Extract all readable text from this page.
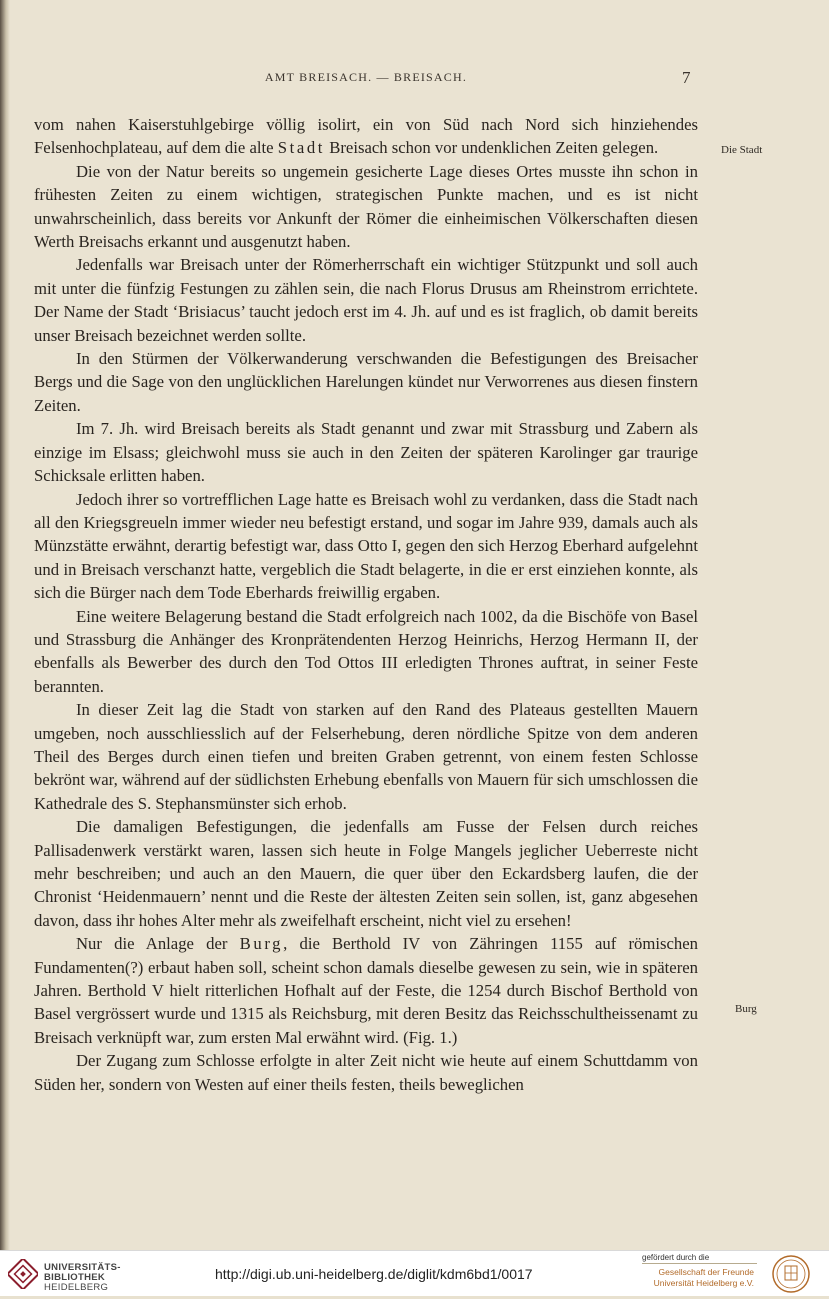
AMT BREISACH. — BREISACH.	7
Die Stadt
Burg

vom nahen Kaiserstuhlgebirge völlig isolirt, ein von Süd nach Nord sich hinziehendes Felsenhochplateau, auf dem die alte Stadt Breisach schon vor undenklichen Zeiten gelegen.

Die von der Natur bereits so ungemein gesicherte Lage dieses Ortes musste ihn schon in frühesten Zeiten zu einem wichtigen, strategischen Punkte machen, und es ist nicht unwahrscheinlich, dass bereits vor Ankunft der Römer die einheimischen Völkerschaften diesen Werth Breisachs erkannt und ausgenutzt haben.

Jedenfalls war Breisach unter der Römerherrschaft ein wichtiger Stützpunkt und soll auch mit unter die fünfzig Festungen zu zählen sein, die nach Florus Drusus am Rheinstrom errichtete. Der Name der Stadt ‘Brisiacus’ taucht jedoch erst im 4. Jh. auf und es ist fraglich, ob damit bereits unser Breisach bezeichnet werden sollte.

In den Stürmen der Völkerwanderung verschwanden die Befestigungen des Breisacher Bergs und die Sage von den unglücklichen Harelungen kündet nur Verworrenes aus diesen finstern Zeiten.

Im 7. Jh. wird Breisach bereits als Stadt genannt und zwar mit Strassburg und Zabern als einzige im Elsass; gleichwohl muss sie auch in den Zeiten der späteren Karolinger gar traurige Schicksale erlitten haben.

Jedoch ihrer so vortrefflichen Lage hatte es Breisach wohl zu verdanken, dass die Stadt nach all den Kriegsgreueln immer wieder neu befestigt erstand, und sogar im Jahre 939, damals auch als Münzstätte erwähnt, derartig befestigt war, dass Otto I, gegen den sich Herzog Eberhard aufgelehnt und in Breisach verschanzt hatte, vergeblich die Stadt belagerte, in die er erst einziehen konnte, als sich die Bürger nach dem Tode Eberhards freiwillig ergaben.

Eine weitere Belagerung bestand die Stadt erfolgreich nach 1002, da die Bischöfe von Basel und Strassburg die Anhänger des Kronprätendenten Herzog Heinrichs, Herzog Hermann II, der ebenfalls als Bewerber des durch den Tod Ottos III erledigten Thrones auftrat, in seiner Feste berannten.

In dieser Zeit lag die Stadt von starken auf den Rand des Plateaus gestellten Mauern umgeben, noch ausschliesslich auf der Felserhebung, deren nördliche Spitze von dem anderen Theil des Berges durch einen tiefen und breiten Graben getrennt, von einem festen Schlosse bekrönt war, während auf der südlichsten Erhebung ebenfalls von Mauern für sich umschlossen die Kathedrale des S. Stephansmünster sich erhob.

Die damaligen Befestigungen, die jedenfalls am Fusse der Felsen durch reiches Pallisadenwerk verstärkt waren, lassen sich heute in Folge Mangels jeglicher Ueberreste nicht mehr beschreiben; und auch an den Mauern, die quer über den Eckardsberg laufen, die der Chronist ‘Heidenmauern’ nennt und die Reste der ältesten Zeiten sein sollen, ist, ganz abgesehen davon, dass ihr hohes Alter mehr als zweifelhaft erscheint, nicht viel zu ersehen!

Nur die Anlage der Burg, die Berthold IV von Zähringen 1155 auf römischen Fundamenten(?) erbaut haben soll, scheint schon damals dieselbe gewesen zu sein, wie in späteren Jahren. Berthold V hielt ritterlichen Hofhalt auf der Feste, die 1254 durch Bischof Berthold von Basel vergrössert wurde und 1315 als Reichsburg, mit deren Besitz das Reichsschultheissenamt zu Breisach verknüpft war, zum ersten Mal erwähnt wird. (Fig. 1.)

Der Zugang zum Schlosse erfolgte in alter Zeit nicht wie heute auf einem Schuttdamm von Süden her, sondern von Westen auf einer theils festen, theils beweglichen

UNIVERSITÄTS-
BIBLIOTHEK
HEIDELBERG
http://digi.ub.uni-heidelberg.de/diglit/kdm6bd1/0017
gefördert durch die
Gesellschaft der Freunde
Universität Heidelberg e.V.
